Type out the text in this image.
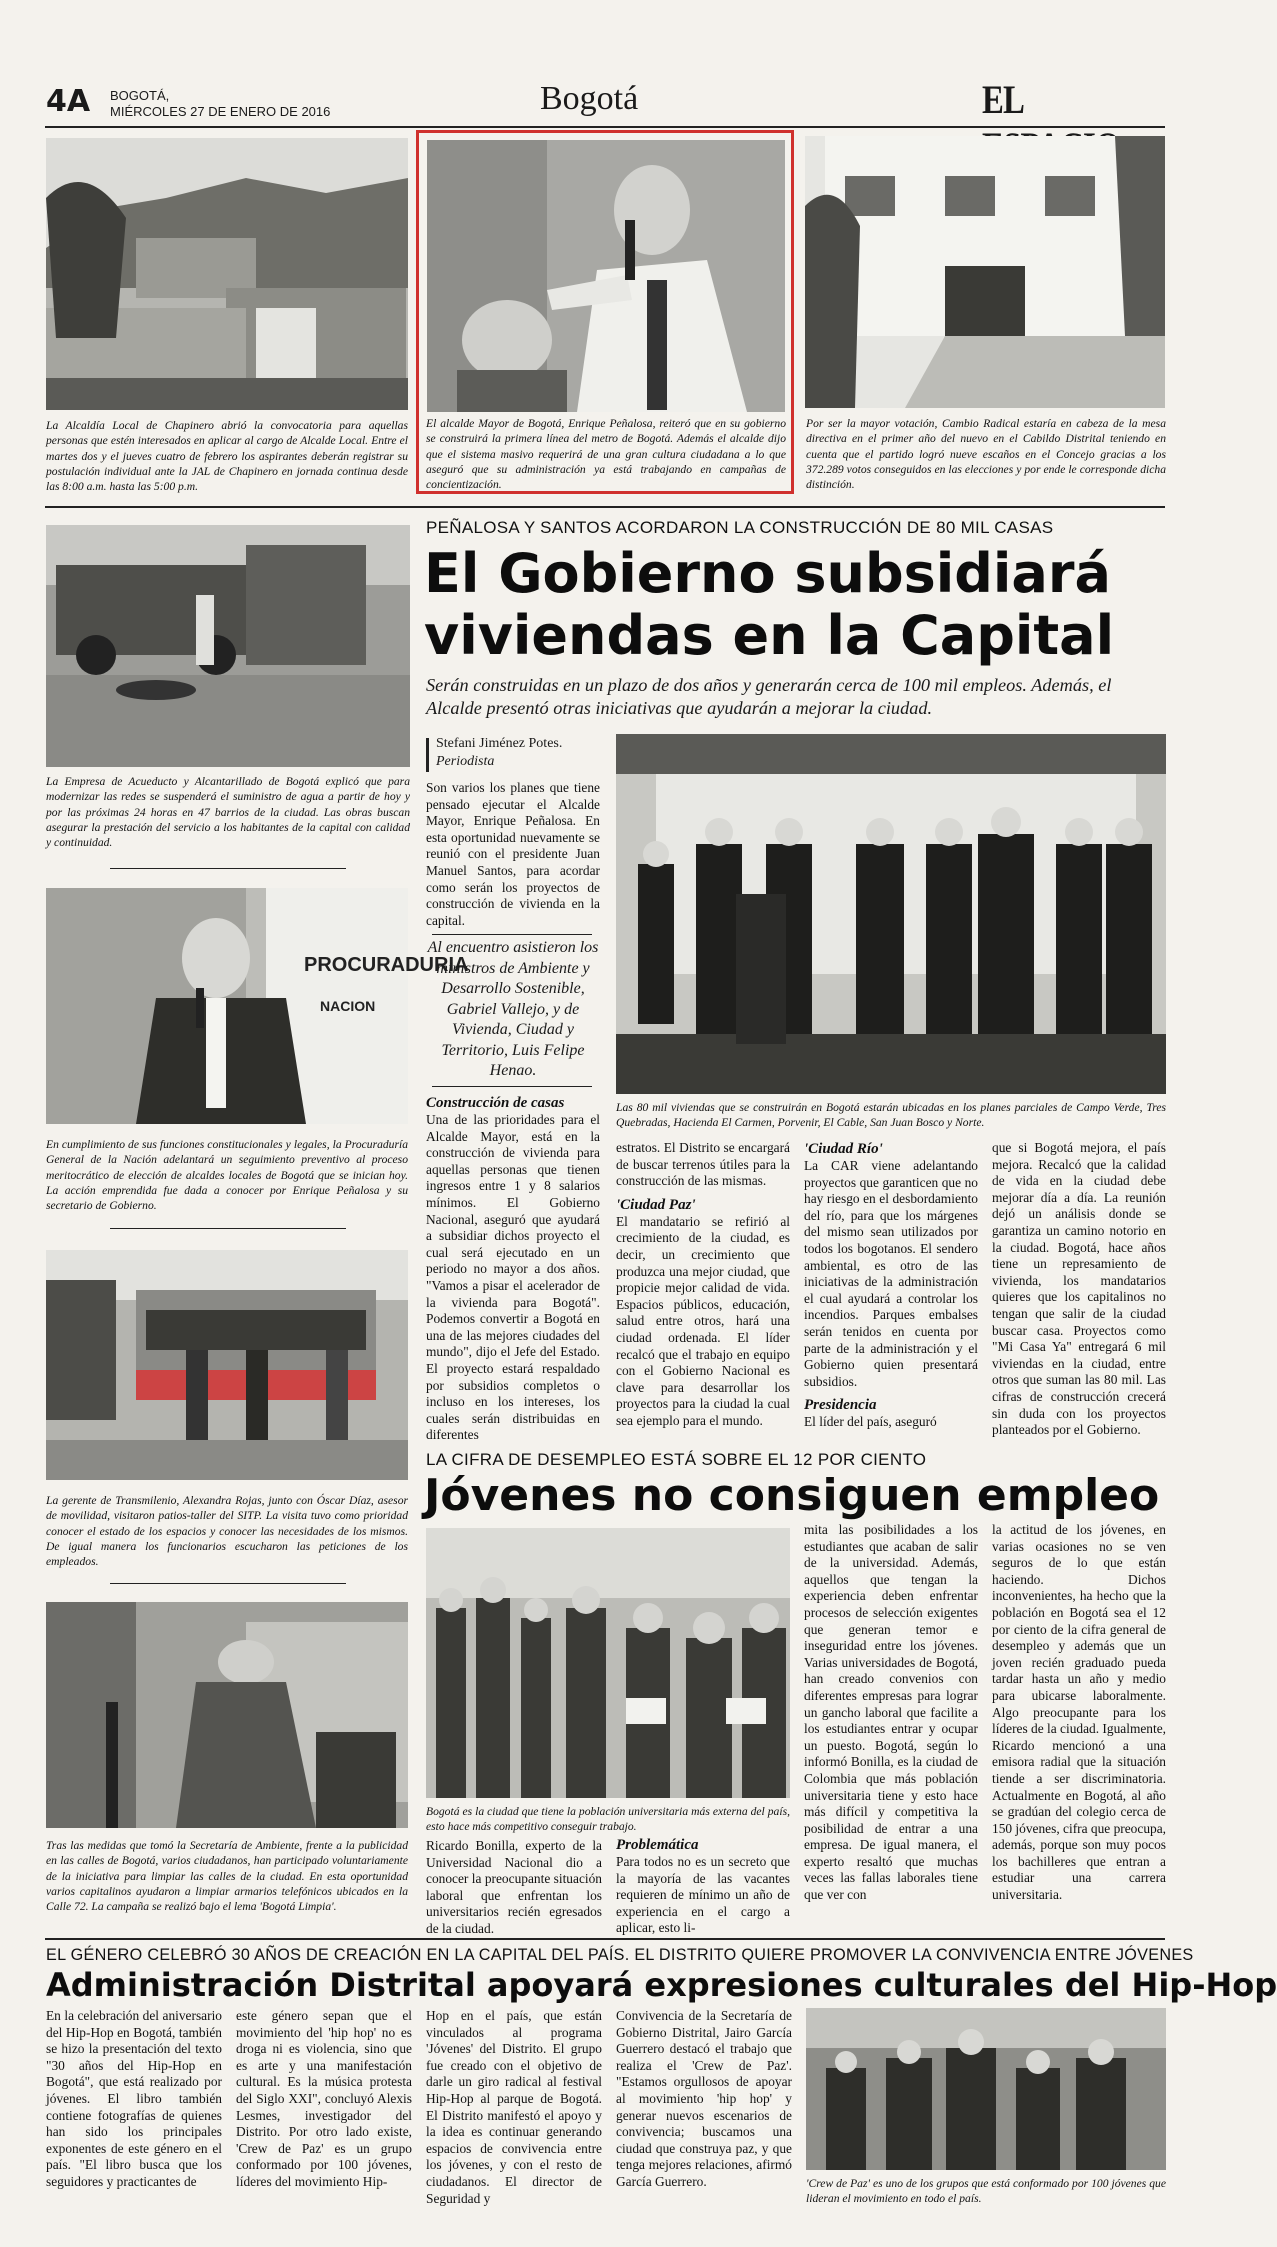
4A BOGOTÁ,
MIÉRCOLES 27 DE ENERO DE 2016	Bogotá	EL
La Alcaldía Local de Chapinero abrió la convocatoria para aquellas personas que estén interesados en aplicar al cargo de Alcalde Local. Entre el martes dos y el jueves cuatro de febrero los aspirantes deberán registrar su postulación individual ante la JAL de Chapinero en jornada continua desde las 8:00 a.m. hasta las 5:00 p.m.
El alcalde Mayor de Bogotá, Enrique Peñalosa, reiteró que en su gobierno se construirá la primera línea del metro de Bogotá. Además el alcalde dijo que el sistema masivo requerirá de una gran cultura ciudadana a lo que aseguró que su administración ya está trabajando en campañas de concientización.
Por ser la mayor votación, Cambio Radical estaría en cabeza de la mesa directiva en el primer año del nuevo en el Cabildo Distrital teniendo en cuenta que el partido logró nueve escaños en el Concejo gracias a los 372.289 votos conseguidos en las elecciones y por ende le corresponde dicha distinción.
La Empresa de Acueducto y Alcantarillado de Bogotá explicó que para modernizar las redes se suspenderá el suministro de agua a partir de hoy y por las próximas 24 horas en 47 barrios de la ciudad. Las obras buscan asegurar la prestación del servicio a los habitantes de la capital con calidad y continuidad.
PROCURADURIA
NACION
En cumplimiento de sus funciones constitucionales y legales, la Procuraduría General de la Nación adelantará un seguimiento preventivo al proceso meritocrático de elección de alcaldes locales de Bogotá que se inician hoy. La acción emprendida fue dada a conocer por Enrique Peñalosa y su secretario de Gobierno.
La gerente de Transmilenio, Alexandra Rojas, junto con Óscar Díaz, asesor de movilidad, visitaron patios-taller del SITP. La visita tuvo como prioridad conocer el estado de los espacios y conocer las necesidades de los mismos. De igual manera los funcionarios escucharon las peticiones de los empleados.
Tras las medidas que tomó la Secretaría de Ambiente, frente a la publicidad en las calles de Bogotá, varios ciudadanos, han participado voluntariamente de la iniciativa para limpiar las calles de la ciudad. En esta oportunidad varios capitalinos ayudaron a limpiar armarios telefónicos ubicados en la Calle 72. La campaña se realizó bajo el lema 'Bogotá Limpia'.
PEÑALOSA Y SANTOS ACORDARON LA CONSTRUCCIÓN DE 80 MIL CASAS
El Gobierno subsidiará
viviendas en la Capital
Serán construidas en un plazo de dos años y generarán cerca de 100 mil empleos. Además, el Alcalde presentó otras iniciativas que ayudarán a mejorar la ciudad.
Stefani Jiménez Potes.
Periodista

Son varios los planes que tiene pensado ejecutar el Alcalde Mayor, Enrique Peñalosa. En esta oportunidad nuevamente se reunió con el presidente Juan Manuel Santos, para acordar como serán los proyectos de construcción de vivienda en la capital.

Al encuentro asistieron los ministros de Ambiente y Desarrollo Sostenible, Gabriel Vallejo, y de Vivienda, Ciudad y Territorio, Luis Felipe Henao.
Las 80 mil viviendas que se construirán en Bogotá estarán ubicadas en los planes parciales de Campo Verde, Tres Quebradas, Hacienda El Carmen, Porvenir, El Cable, San Juan Bosco y Norte.
Construcción de casas

Una de las prioridades para el Alcalde Mayor, está en la construcción de vivienda para aquellas personas que tienen ingresos entre 1 y 8 salarios mínimos. El Gobierno Nacional, aseguró que ayudará a subsidiar dichos proyecto el cual será ejecutado en un periodo no mayor a dos años. "Vamos a pisar el acelerador de la vivienda para Bogotá". Podemos convertir a Bogotá en una de las mejores ciudades del mundo", dijo el Jefe del Estado. El proyecto estará respaldado por subsidios completos o incluso en los intereses, los cuales serán distribuidas en diferentes

estratos. El Distrito se encargará de buscar terrenos útiles para la construcción de las mismas.

'Ciudad Paz'

El mandatario se refirió al crecimiento de la ciudad, es decir, un crecimiento que produzca una mejor ciudad, que propicie mejor calidad de vida. Espacios públicos, educación, salud entre otros, hará una ciudad ordenada. El líder recalcó que el trabajo en equipo con el Gobierno Nacional es clave para desarrollar los proyectos para la ciudad la cual sea ejemplo para el mundo.

'Ciudad Río'

La CAR viene adelantando proyectos que garanticen que no hay riesgo en el desbordamiento del río, para que los márgenes del mismo sean utilizados por todos los bogotanos. El sendero ambiental, es otro de las iniciativas de la administración el cual ayudará a controlar los incendios. Parques embalses serán tenidos en cuenta por parte de la administración y el Gobierno quien presentará subsidios.

Presidencia

El líder del país, aseguró

que si Bogotá mejora, el país mejora. Recalcó que la calidad de vida en la ciudad debe mejorar día a día. La reunión dejó un análisis donde se garantiza un camino notorio en la ciudad. Bogotá, hace años tiene un represamiento de vivienda, los mandatarios quieres que los capitalinos no tengan que salir de la ciudad buscar casa. Proyectos como "Mi Casa Ya" entregará 6 mil viviendas en la ciudad, entre otros que suman las 80 mil. Las cifras de construcción crecerá sin duda con los proyectos planteados por el Gobierno.

LA CIFRA DE DESEMPLEO ESTÁ SOBRE EL 12 POR CIENTO
Jóvenes no consiguen empleo
Bogotá es la ciudad que tiene la población universitaria más externa del país, esto hace más competitivo conseguir trabajo.

Ricardo Bonilla, experto de la Universidad Nacional dio a conocer la preocupante situación laboral que enfrentan los universitarios recién egresados de la ciudad.

Problemática

Para todos no es un secreto que la mayoría de las vacantes requieren de mínimo un año de experiencia en el cargo a aplicar, esto li-

mita las posibilidades a los estudiantes que acaban de salir de la universidad. Además, aquellos que tengan la experiencia deben enfrentar procesos de selección exigentes que generan temor e inseguridad entre los jóvenes. Varias universidades de Bogotá, han creado convenios con diferentes empresas para lograr un gancho laboral que facilite a los estudiantes entrar y ocupar un puesto. Bogotá, según lo informó Bonilla, es la ciudad de Colombia que más población universitaria tiene y esto hace más difícil y competitiva la posibilidad de entrar a una empresa. De igual manera, el experto resaltó que muchas veces las fallas laborales tiene que ver con

la actitud de los jóvenes, en varias ocasiones no se ven seguros de lo que están haciendo. Dichos inconvenientes, ha hecho que la población en Bogotá sea el 12 por ciento de la cifra general de desempleo y además que un joven recién graduado pueda tardar hasta un año y medio para ubicarse laboralmente. Algo preocupante para los líderes de la ciudad. Igualmente, Ricardo mencionó a una emisora radial que la situación tiende a ser discriminatoria. Actualmente en Bogotá, al año se gradúan del colegio cerca de 150 jóvenes, cifra que preocupa, además, porque son muy pocos los bachilleres que entran a estudiar una carrera universitaria.

EL GÉNERO CELEBRÓ 30 AÑOS DE CREACIÓN EN LA CAPITAL DEL PAÍS. EL DISTRITO QUIERE PROMOVER LA CONVIVENCIA ENTRE JÓVENES
Administración Distrital apoyará expresiones culturales del Hip-Hop

En la celebración del aniversario del Hip-Hop en Bogotá, también se hizo la presentación del texto "30 años del Hip-Hop en Bogotá", que está realizado por jóvenes. El libro también contiene fotografías de quienes han sido los principales exponentes de este género en el país. "El libro busca que los seguidores y practicantes de

este género sepan que el movimiento del 'hip hop' no es droga ni es violencia, sino que es arte y una manifestación cultural. Es la música protesta del Siglo XXI", concluyó Alexis Lesmes, investigador del Distrito. Por otro lado existe, 'Crew de Paz' es un grupo conformado por 100 jóvenes, líderes del movimiento Hip-

Hop en el país, que están vinculados al programa 'Jóvenes' del Distrito. El grupo fue creado con el objetivo de darle un giro radical al festival Hip-Hop al parque de Bogotá. El Distrito manifestó el apoyo y la idea es continuar generando espacios de convivencia entre los jóvenes, y con el resto de ciudadanos. El director de Seguridad y

Convivencia de la Secretaría de Gobierno Distrital, Jairo García Guerrero destacó el trabajo que realiza el 'Crew de Paz'. "Estamos orgullosos de apoyar al movimiento 'hip hop' y generar nuevos escenarios de convivencia; buscamos una ciudad que construya paz, y que tenga mejores relaciones, afirmó García Guerrero.	'Crew de Paz' es uno de los grupos que está conformado por 100 jóvenes que lideran el movimiento en todo el país.
